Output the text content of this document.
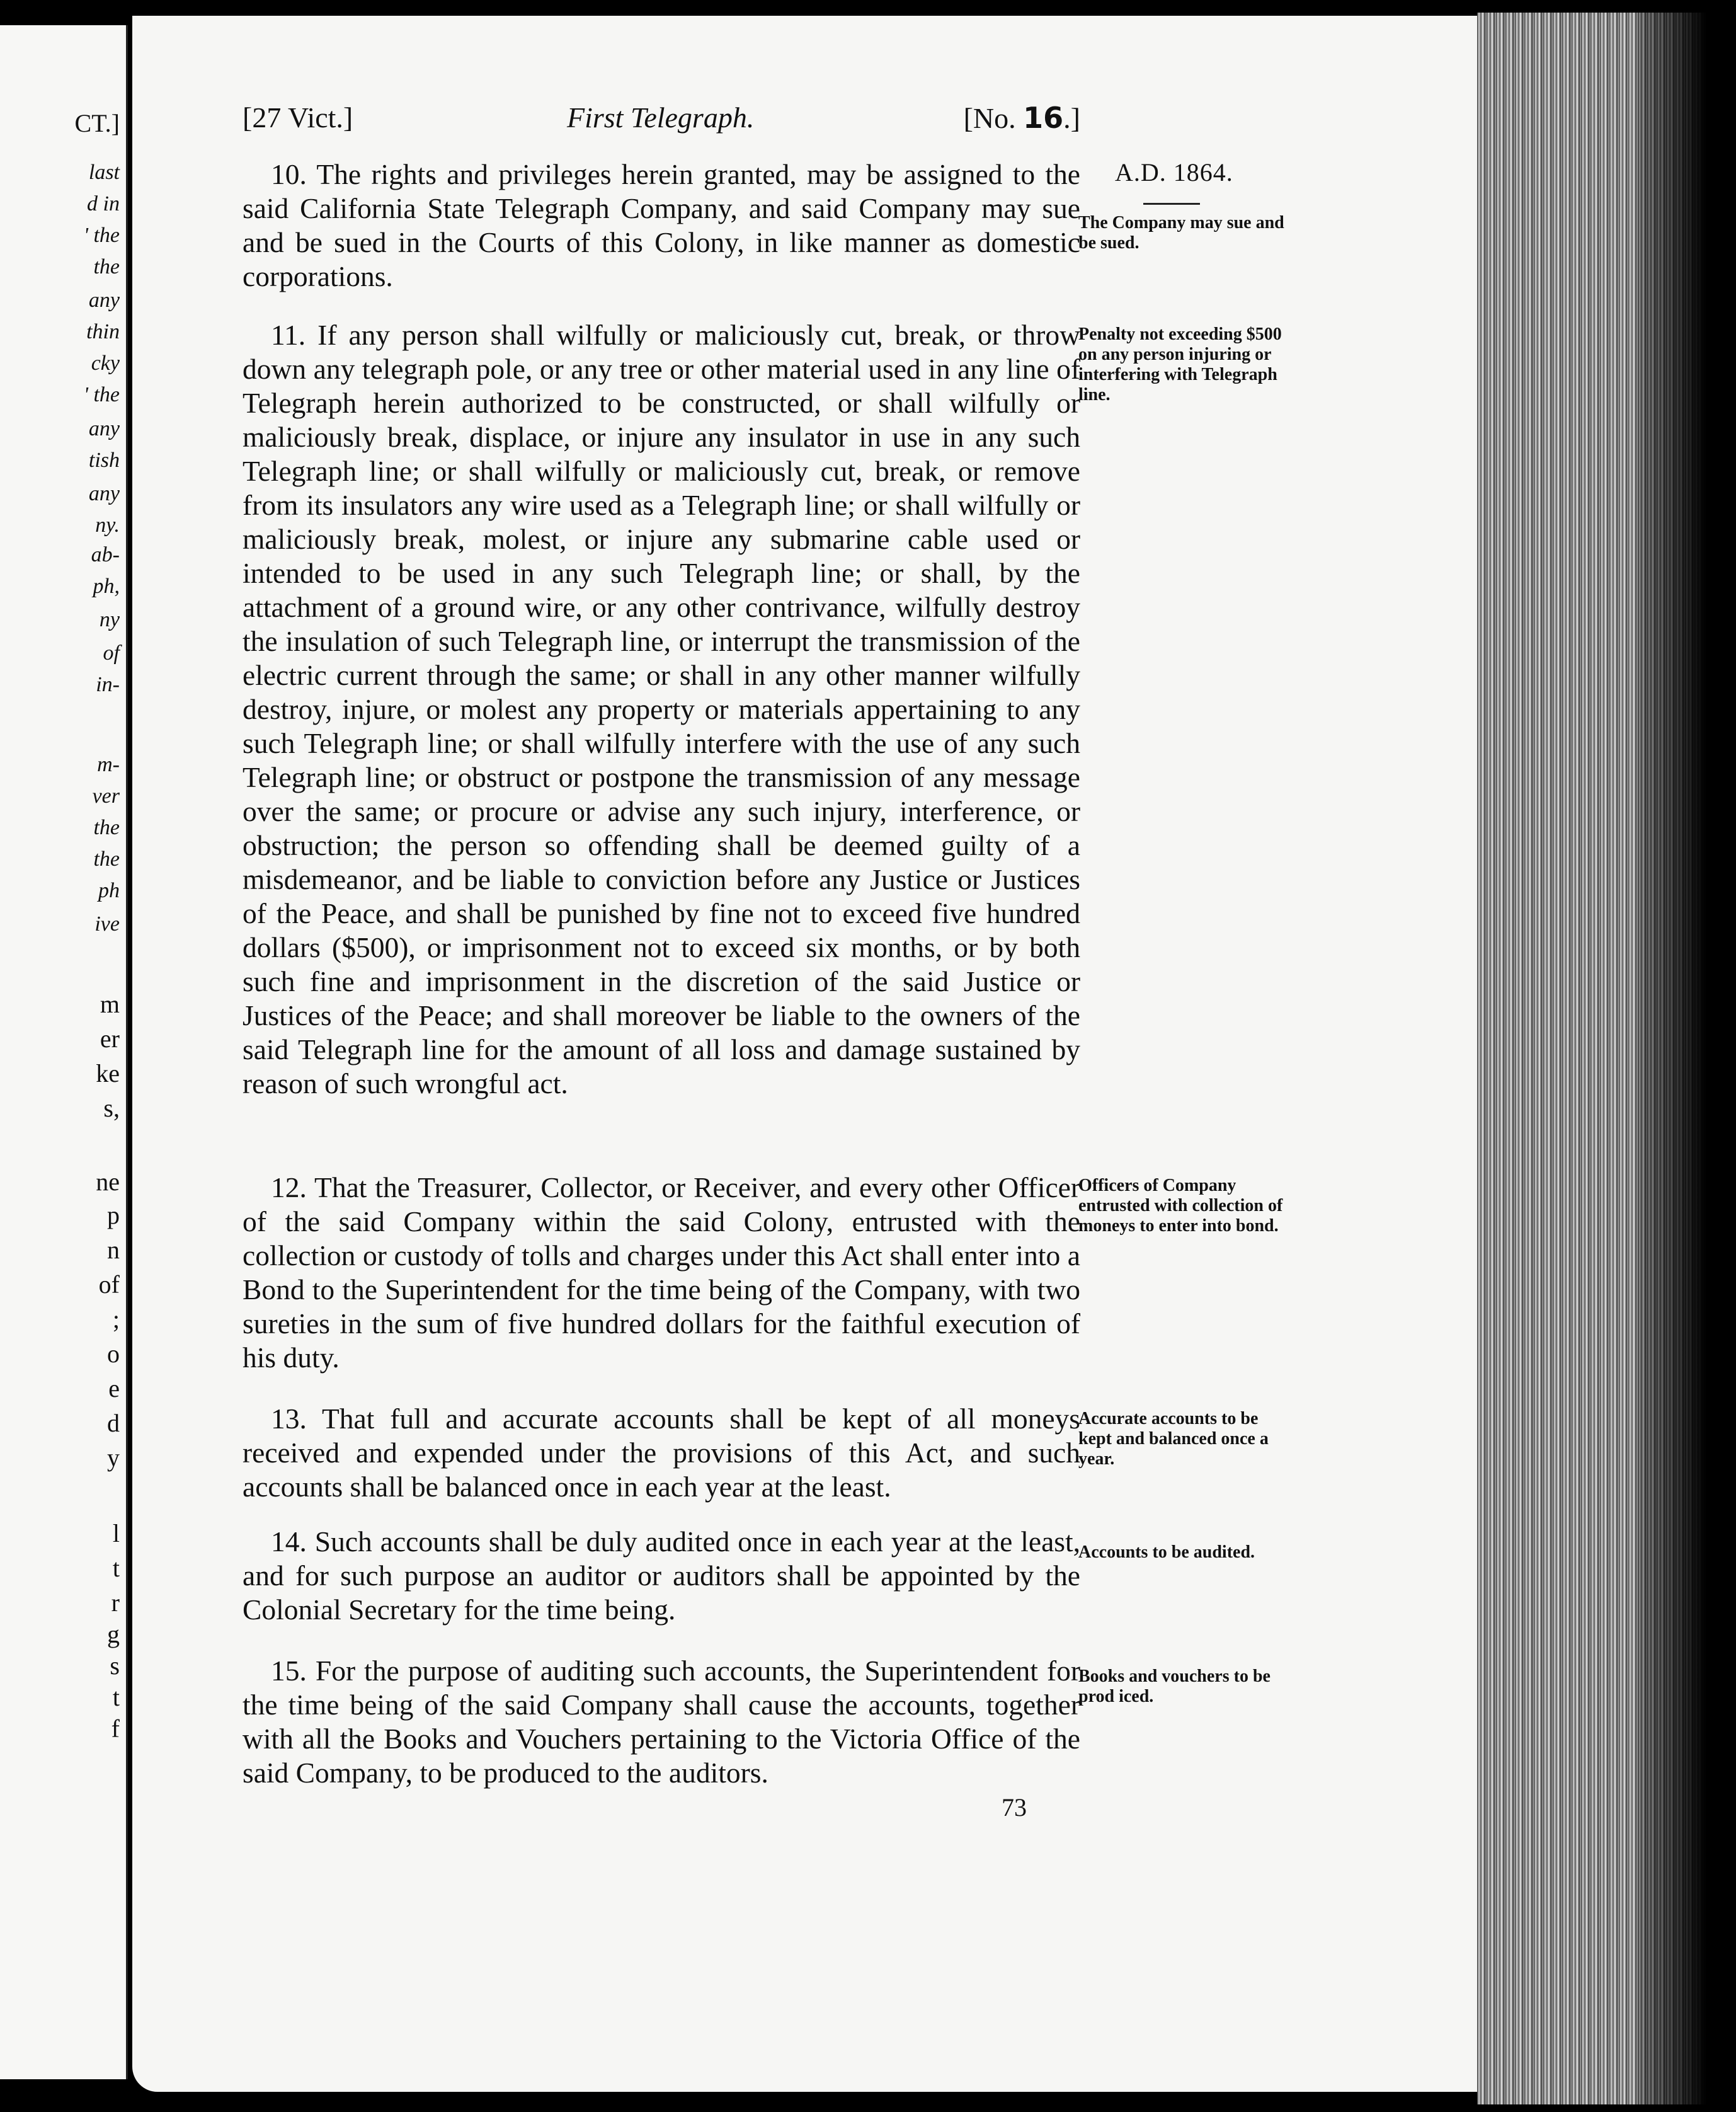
CT.]
last
d in
' the
the
any
thin
cky
' the
any
tish
any
ny.
ab-
ph,
ny
of
in-
m-
ver
the
the
ph
ive
m
er
ke
s,
ne
p
n
of
;
o
e
d
y
l
t
r
g
s
t
f
[27 Vict.]	First Telegraph.	[No. 16.]
A.D. 1864.
The Company may sue and be sued.
Penalty not exceeding $500 on any person injuring or interfering with Telegraph line.
Officers of Company entrusted with collection of moneys to enter into bond.
Accurate accounts to be kept and balanced once a year.
Accounts to be audited.
Books and vouchers to be prod iced.
10. The rights and privileges herein granted, may be assigned to the said California State Telegraph Company, and said Company may sue and be sued in the Courts of this Colony, in like manner as domestic corporations.
11. If any person shall wilfully or maliciously cut, break, or throw down any telegraph pole, or any tree or other material used in any line of Telegraph herein authorized to be constructed, or shall wilfully or maliciously break, displace, or injure any insulator in use in any such Telegraph line; or shall wilfully or maliciously cut, break, or remove from its insulators any wire used as a Telegraph line; or shall wilfully or maliciously break, molest, or injure any submarine cable used or intended to be used in any such Telegraph line; or shall, by the attachment of a ground wire, or any other contrivance, wilfully destroy the insulation of such Telegraph line, or interrupt the transmission of the electric current through the same; or shall in any other manner wilfully destroy, injure, or molest any property or materials appertaining to any such Telegraph line; or shall wilfully interfere with the use of any such Telegraph line; or obstruct or postpone the transmission of any message over the same; or procure or advise any such injury, interference, or obstruction; the person so offending shall be deemed guilty of a misdemeanor, and be liable to conviction before any Justice or Justices of the Peace, and shall be punished by fine not to exceed five hundred dollars ($500), or imprisonment not to exceed six months, or by both such fine and imprisonment in the discretion of the said Justice or Justices of the Peace; and shall moreover be liable to the owners of the said Telegraph line for the amount of all loss and damage sustained by reason of such wrongful act.
12. That the Treasurer, Collector, or Receiver, and every other Officer of the said Company within the said Colony, entrusted with the collection or custody of tolls and charges under this Act shall enter into a Bond to the Superintendent for the time being of the Company, with two sureties in the sum of five hundred dollars for the faithful execution of his duty.
13. That full and accurate accounts shall be kept of all moneys received and expended under the provisions of this Act, and such accounts shall be balanced once in each year at the least.
14. Such accounts shall be duly audited once in each year at the least, and for such purpose an auditor or auditors shall be appointed by the Colonial Secretary for the time being.
15. For the purpose of auditing such accounts, the Superintendent for the time being of the said Company shall cause the accounts, together with all the Books and Vouchers pertaining to the Victoria Office of the said Company, to be produced to the auditors.
73
